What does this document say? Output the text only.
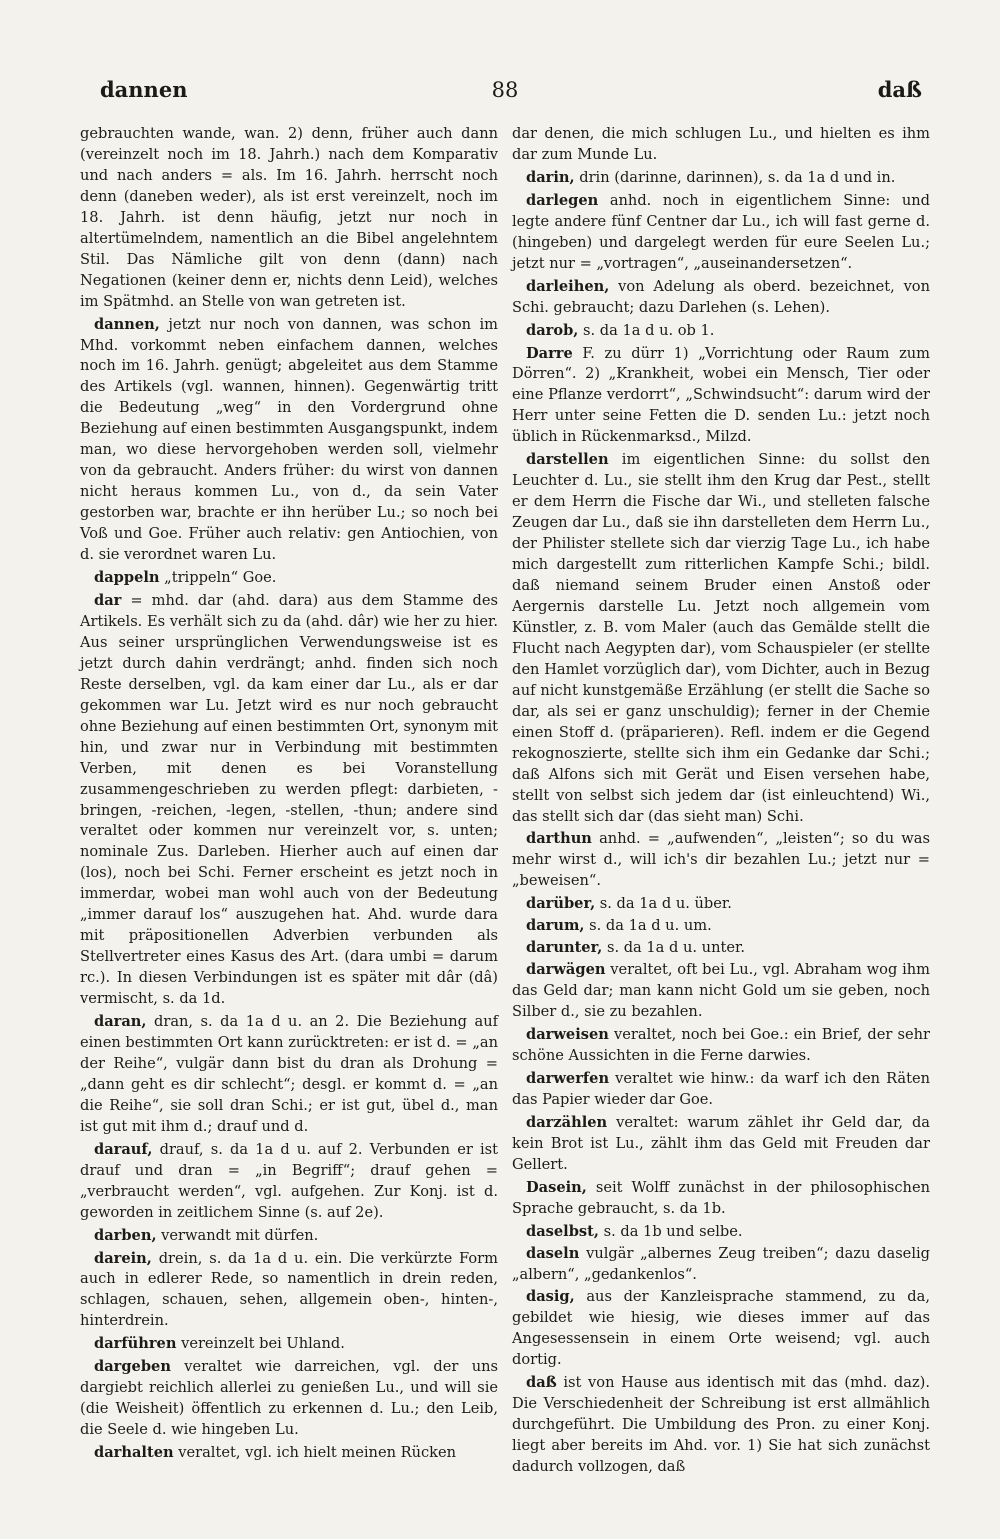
dannen	88	daß

gebrauchten wande, wan. 2) denn, früher auch dann (vereinzelt noch im 18. Jahrh.) nach dem Komparativ und nach anders = als. Im 16. Jahrh. herrscht noch denn (daneben weder), als ist erst vereinzelt, noch im 18. Jahrh. ist denn häufig, jetzt nur noch in altertümelndem, namentlich an die Bibel angelehntem Stil. Das Nämliche gilt von denn (dann) nach Negationen (keiner denn er, nichts denn Leid), welches im Spätmhd. an Stelle von wan getreten ist.

dannen, jetzt nur noch von dannen, was schon im Mhd. vorkommt neben einfachem dannen, welches noch im 16. Jahrh. genügt; abgeleitet aus dem Stamme des Artikels (vgl. wannen, hinnen). Gegenwärtig tritt die Bedeutung „weg“ in den Vordergrund ohne Beziehung auf einen bestimmten Ausgangspunkt, indem man, wo diese hervorgehoben werden soll, vielmehr von da gebraucht. Anders früher: du wirst von dannen nicht heraus kommen Lu., von d., da sein Vater gestorben war, brachte er ihn herüber Lu.; so noch bei Voß und Goe. Früher auch relativ: gen Antiochien, von d. sie verordnet waren Lu.

dappeln „trippeln“ Goe.

dar = mhd. dar (ahd. dara) aus dem Stamme des Artikels. Es verhält sich zu da (ahd. dâr) wie her zu hier. Aus seiner ursprünglichen Verwendungsweise ist es jetzt durch dahin verdrängt; anhd. finden sich noch Reste derselben, vgl. da kam einer dar Lu., als er dar gekommen war Lu. Jetzt wird es nur noch gebraucht ohne Beziehung auf einen bestimmten Ort, synonym mit hin, und zwar nur in Verbindung mit bestimmten Verben, mit denen es bei Voranstellung zusammengeschrieben zu werden pflegt: darbieten, -bringen, -reichen, -legen, -stellen, -thun; andere sind veraltet oder kommen nur vereinzelt vor, s. unten; nominale Zus. Darleben. Hierher auch auf einen dar (los), noch bei Schi. Ferner erscheint es jetzt noch in immerdar, wobei man wohl auch von der Bedeutung „immer darauf los“ auszugehen hat. Ahd. wurde dara mit präpositionellen Adverbien verbunden als Stellvertreter eines Kasus des Art. (dara umbi = darum rc.). In diesen Verbindungen ist es später mit dâr (dâ) vermischt, s. da 1d.

daran, dran, s. da 1a d u. an 2. Die Beziehung auf einen bestimmten Ort kann zurücktreten: er ist d. = „an der Reihe“, vulgär dann bist du dran als Drohung = „dann geht es dir schlecht“; desgl. er kommt d. = „an die Reihe“, sie soll dran Schi.; er ist gut, übel d., man ist gut mit ihm d.; drauf und d.

darauf, drauf, s. da 1a d u. auf 2. Verbunden er ist drauf und dran = „in Begriff“; drauf gehen = „verbraucht werden“, vgl. aufgehen. Zur Konj. ist d. geworden in zeitlichem Sinne (s. auf 2e).

darben, verwandt mit dürfen.

darein, drein, s. da 1a d u. ein. Die verkürzte Form auch in edlerer Rede, so namentlich in drein reden, schlagen, schauen, sehen, allgemein oben-, hinten-, hinterdrein.

darführen vereinzelt bei Uhland.

dargeben veraltet wie darreichen, vgl. der uns dargiebt reichlich allerlei zu genießen Lu., und will sie (die Weisheit) öffentlich zu erkennen d. Lu.; den Leib, die Seele d. wie hingeben Lu.

darhalten veraltet, vgl. ich hielt meinen Rücken

dar denen, die mich schlugen Lu., und hielten es ihm dar zum Munde Lu.

darin, drin (darinne, darinnen), s. da 1a d und in.

darlegen anhd. noch in eigentlichem Sinne: und legte andere fünf Centner dar Lu., ich will fast gerne d. (hingeben) und dargelegt werden für eure Seelen Lu.; jetzt nur = „vortragen“, „auseinandersetzen“.

darleihen, von Adelung als oberd. bezeichnet, von Schi. gebraucht; dazu Darlehen (s. Lehen).

darob, s. da 1a d u. ob 1.

Darre F. zu dürr 1) „Vorrichtung oder Raum zum Dörren“. 2) „Krankheit, wobei ein Mensch, Tier oder eine Pflanze verdorrt“, „Schwindsucht“: darum wird der Herr unter seine Fetten die D. senden Lu.: jetzt noch üblich in Rückenmarksd., Milzd.

darstellen im eigentlichen Sinne: du sollst den Leuchter d. Lu., sie stellt ihm den Krug dar Pest., stellt er dem Herrn die Fische dar Wi., und stelleten falsche Zeugen dar Lu., daß sie ihn darstelleten dem Herrn Lu., der Philister stellete sich dar vierzig Tage Lu., ich habe mich dargestellt zum ritterlichen Kampfe Schi.; bildl. daß niemand seinem Bruder einen Anstoß oder Aergernis darstelle Lu. Jetzt noch allgemein vom Künstler, z. B. vom Maler (auch das Gemälde stellt die Flucht nach Aegypten dar), vom Schauspieler (er stellte den Hamlet vorzüglich dar), vom Dichter, auch in Bezug auf nicht kunstgemäße Erzählung (er stellt die Sache so dar, als sei er ganz unschuldig); ferner in der Chemie einen Stoff d. (präparieren). Refl. indem er die Gegend rekognoszierte, stellte sich ihm ein Gedanke dar Schi.; daß Alfons sich mit Gerät und Eisen versehen habe, stellt von selbst sich jedem dar (ist einleuchtend) Wi., das stellt sich dar (das sieht man) Schi.

darthun anhd. = „aufwenden“, „leisten“; so du was mehr wirst d., will ich's dir bezahlen Lu.; jetzt nur = „beweisen“.

darüber, s. da 1a d u. über.

darum, s. da 1a d u. um.

darunter, s. da 1a d u. unter.

darwägen veraltet, oft bei Lu., vgl. Abraham wog ihm das Geld dar; man kann nicht Gold um sie geben, noch Silber d., sie zu bezahlen.

darweisen veraltet, noch bei Goe.: ein Brief, der sehr schöne Aussichten in die Ferne darwies.

darwerfen veraltet wie hinw.: da warf ich den Räten das Papier wieder dar Goe.

darzählen veraltet: warum zählet ihr Geld dar, da kein Brot ist Lu., zählt ihm das Geld mit Freuden dar Gellert.

Dasein, seit Wolff zunächst in der philosophischen Sprache gebraucht, s. da 1b.

daselbst, s. da 1b und selbe.

daseln vulgär „albernes Zeug treiben“; dazu daselig „albern“, „gedankenlos“.

dasig, aus der Kanzleisprache stammend, zu da, gebildet wie hiesig, wie dieses immer auf das Angesessensein in einem Orte weisend; vgl. auch dortig.

daß ist von Hause aus identisch mit das (mhd. daz). Die Verschiedenheit der Schreibung ist erst allmählich durchgeführt. Die Umbildung des Pron. zu einer Konj. liegt aber bereits im Ahd. vor. 1) Sie hat sich zunächst dadurch vollzogen, daß
